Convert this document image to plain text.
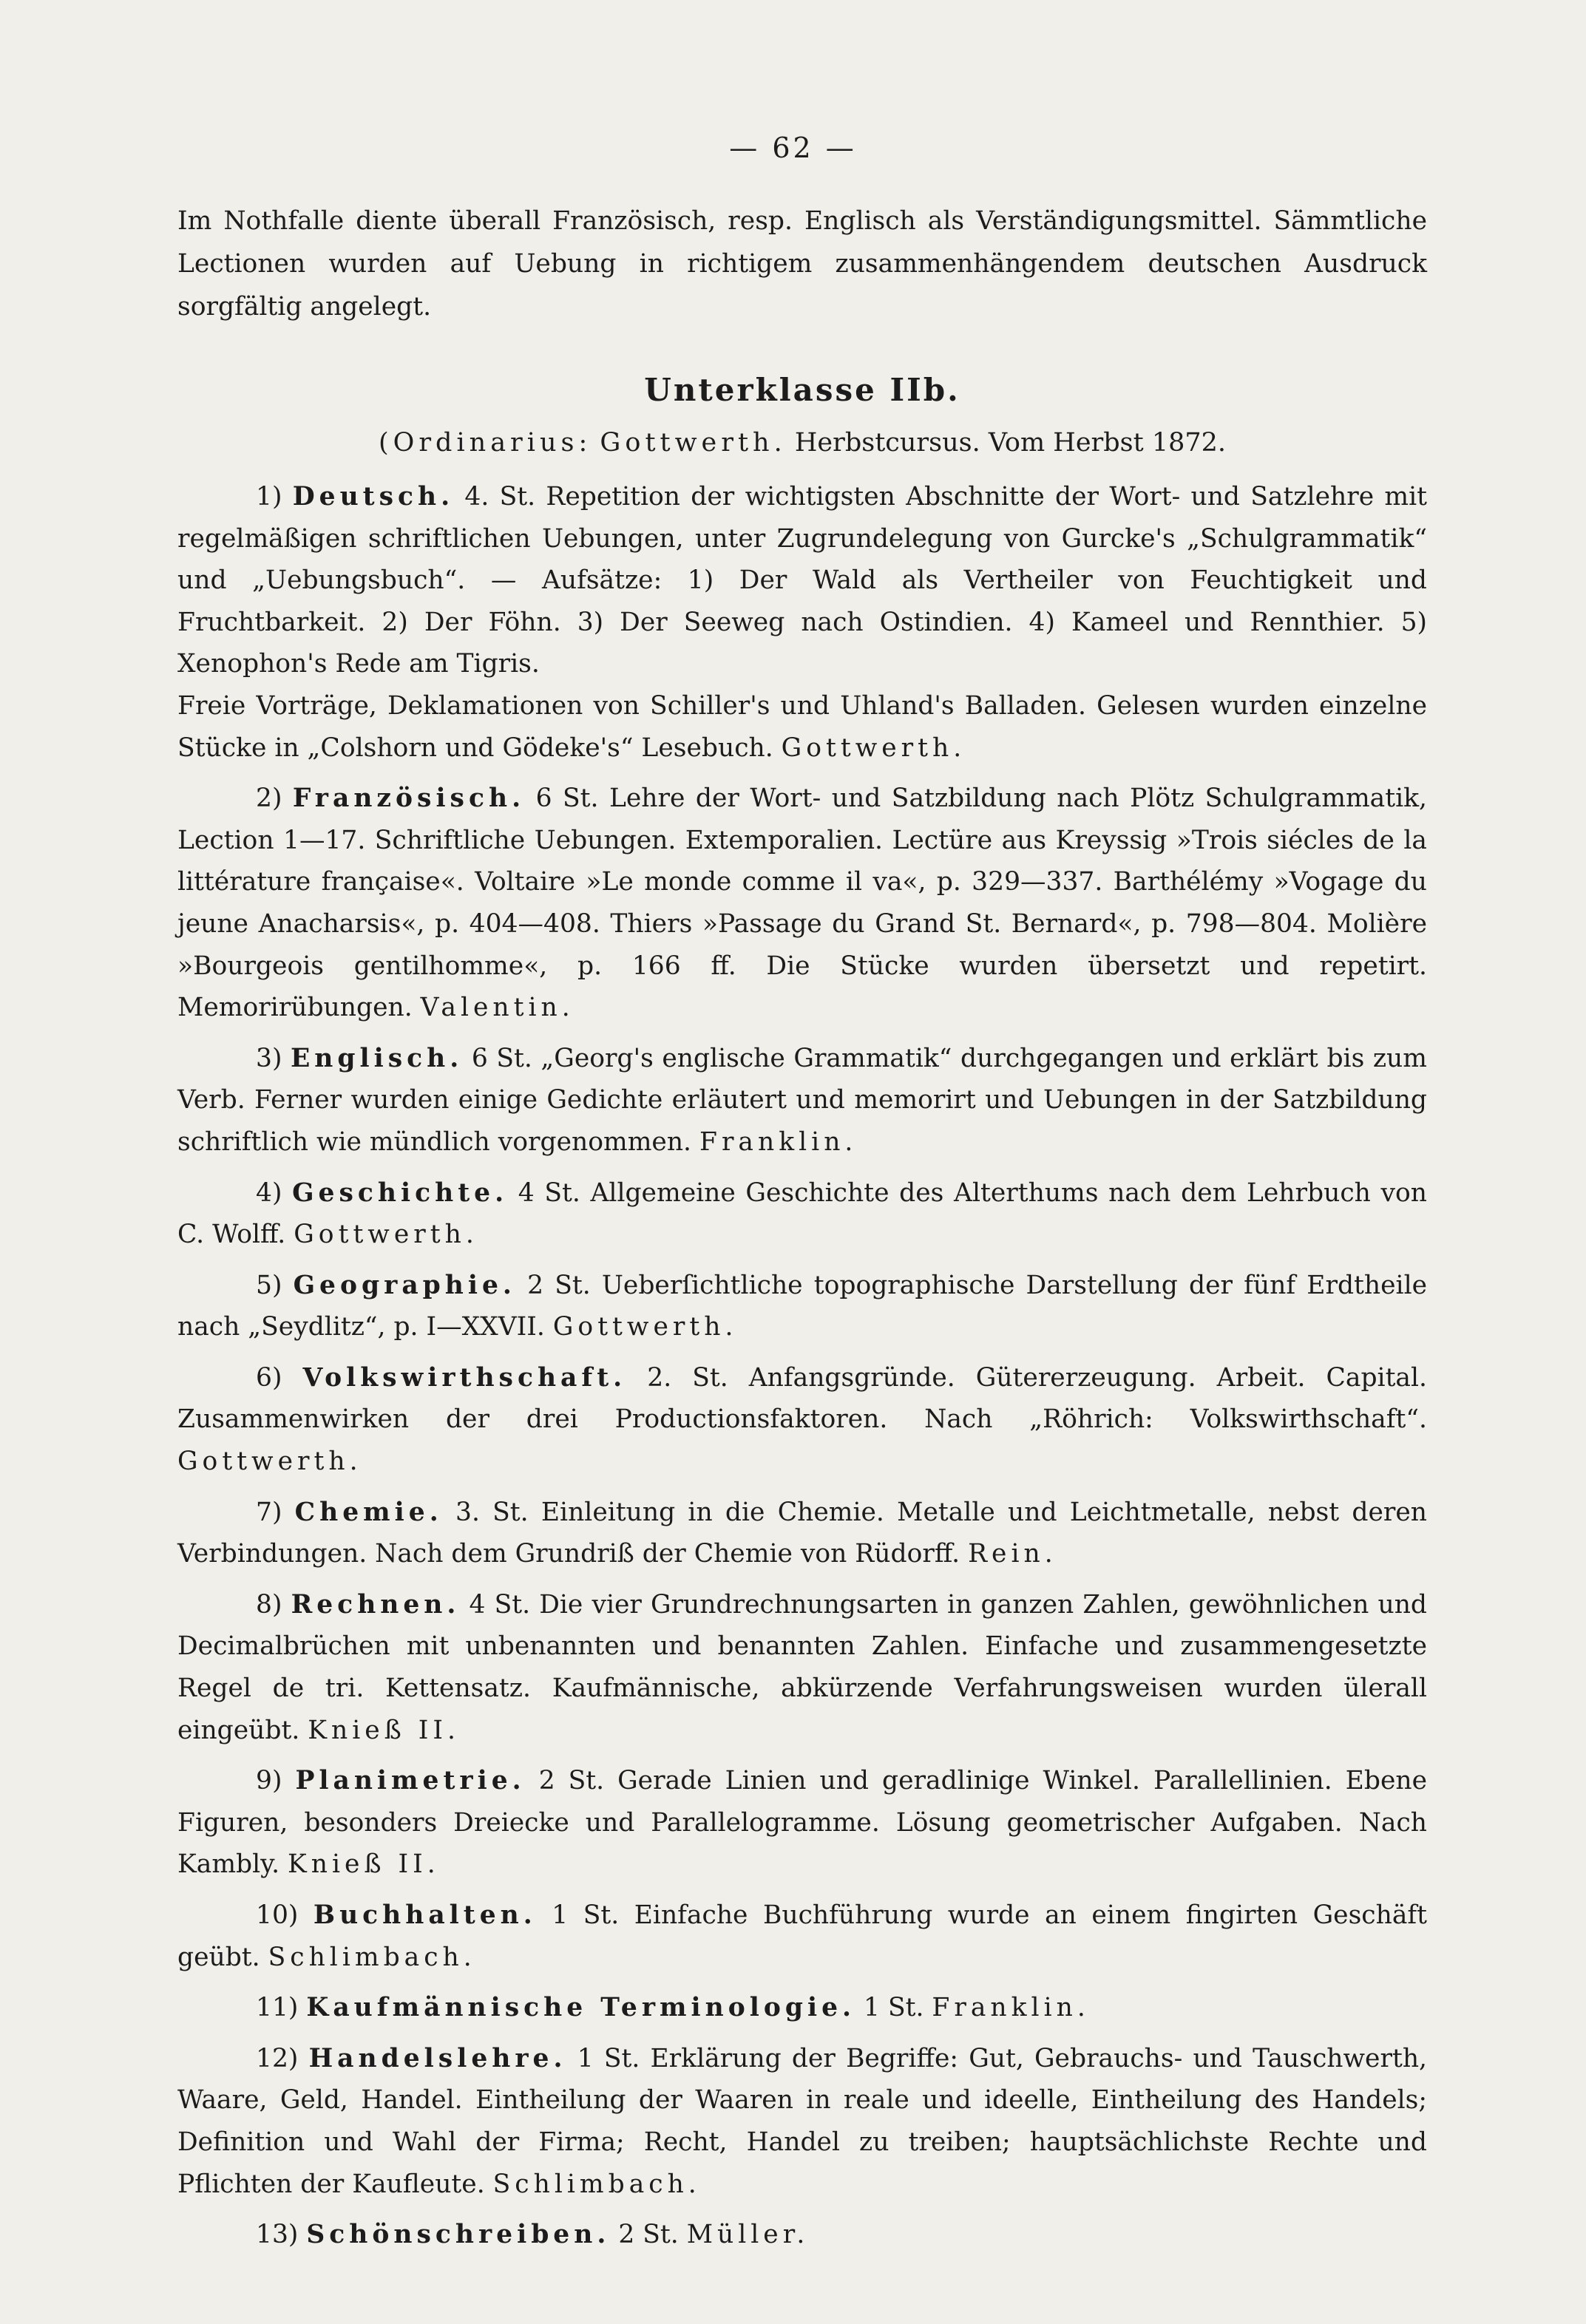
— 62 —

Im Nothfalle diente überall Französisch, resp. Englisch als Verständigungsmittel. Sämmtliche Lectionen wurden auf Uebung in richtigem zusammenhängendem deutschen Ausdruck sorgfältig angelegt.

Unterklasse IIb.
(Ordinarius: Gottwerth. Herbstcursus. Vom Herbst 1872.
1) Deutsch. 4. St. Repetition der wichtigsten Abschnitte der Wort- und Satzlehre mit regelmäßigen schriftlichen Uebungen, unter Zugrundelegung von Gurcke's „Schulgrammatik“ und „Uebungsbuch“. — Aufsätze: 1) Der Wald als Vertheiler von Feuchtigkeit und Fruchtbarkeit. 2) Der Föhn. 3) Der Seeweg nach Ostindien. 4) Kameel und Rennthier. 5) Xenophon's Rede am Tigris.
Freie Vorträge, Deklamationen von Schiller's und Uhland's Balladen. Gelesen wurden einzelne Stücke in „Colshorn und Gödeke's“ Lesebuch. Gottwerth.
2) Französisch. 6 St. Lehre der Wort- und Satzbildung nach Plötz Schulgrammatik, Lection 1—17. Schriftliche Uebungen. Extemporalien. Lectüre aus Kreyssig »Trois siécles de la littérature française«. Voltaire »Le monde comme il va«, p. 329—337. Barthélémy »Vogage du jeune Anacharsis«, p. 404—408. Thiers »Passage du Grand St. Bernard«, p. 798—804. Molière »Bourgeois gentilhomme«, p. 166 ff. Die Stücke wurden übersetzt und repetirt. Memorirübungen. Valentin.
3) Englisch. 6 St. „Georg's englische Grammatik“ durchgegangen und erklärt bis zum Verb. Ferner wurden einige Gedichte erläutert und memorirt und Uebungen in der Satzbildung schriftlich wie mündlich vorgenommen. Franklin.
4) Geschichte. 4 St. Allgemeine Geschichte des Alterthums nach dem Lehrbuch von C. Wolff. Gottwerth.
5) Geographie. 2 St. Ueberſichtliche topographische Darstellung der fünf Erdtheile nach „Seydlitz“, p. I—XXVII. Gottwerth.
6) Volkswirthschaft. 2. St. Anfangsgründe. Gütererzeugung. Arbeit. Capital. Zusammenwirken der drei Productionsfaktoren. Nach „Röhrich: Volkswirthschaft“. Gottwerth.
7) Chemie. 3. St. Einleitung in die Chemie. Metalle und Leichtmetalle, nebst deren Verbindungen. Nach dem Grundriß der Chemie von Rüdorff. Rein.
8) Rechnen. 4 St. Die vier Grundrechnungsarten in ganzen Zahlen, gewöhnlichen und Decimalbrüchen mit unbenannten und benannten Zahlen. Einfache und zusammengesetzte Regel de tri. Kettensatz. Kaufmännische, abkürzende Verfahrungsweisen wurden ülerall eingeübt. Knieß II.
9) Planimetrie. 2 St. Gerade Linien und geradlinige Winkel. Parallellinien. Ebene Figuren, besonders Dreiecke und Parallelogramme. Lösung geometrischer Aufgaben. Nach Kambly. Knieß II.
10) Buchhalten. 1 St. Einfache Buchführung wurde an einem fingirten Geschäft geübt. Schlimbach.
11) Kaufmännische Terminologie. 1 St. Franklin.
12) Handelslehre. 1 St. Erklärung der Begriffe: Gut, Gebrauchs- und Tauschwerth, Waare, Geld, Handel. Eintheilung der Waaren in reale und ideelle, Eintheilung des Handels; Definition und Wahl der Firma; Recht, Handel zu treiben; hauptsächlichste Rechte und Pflichten der Kaufleute. Schlimbach.
13) Schönschreiben. 2 St. Müller.
